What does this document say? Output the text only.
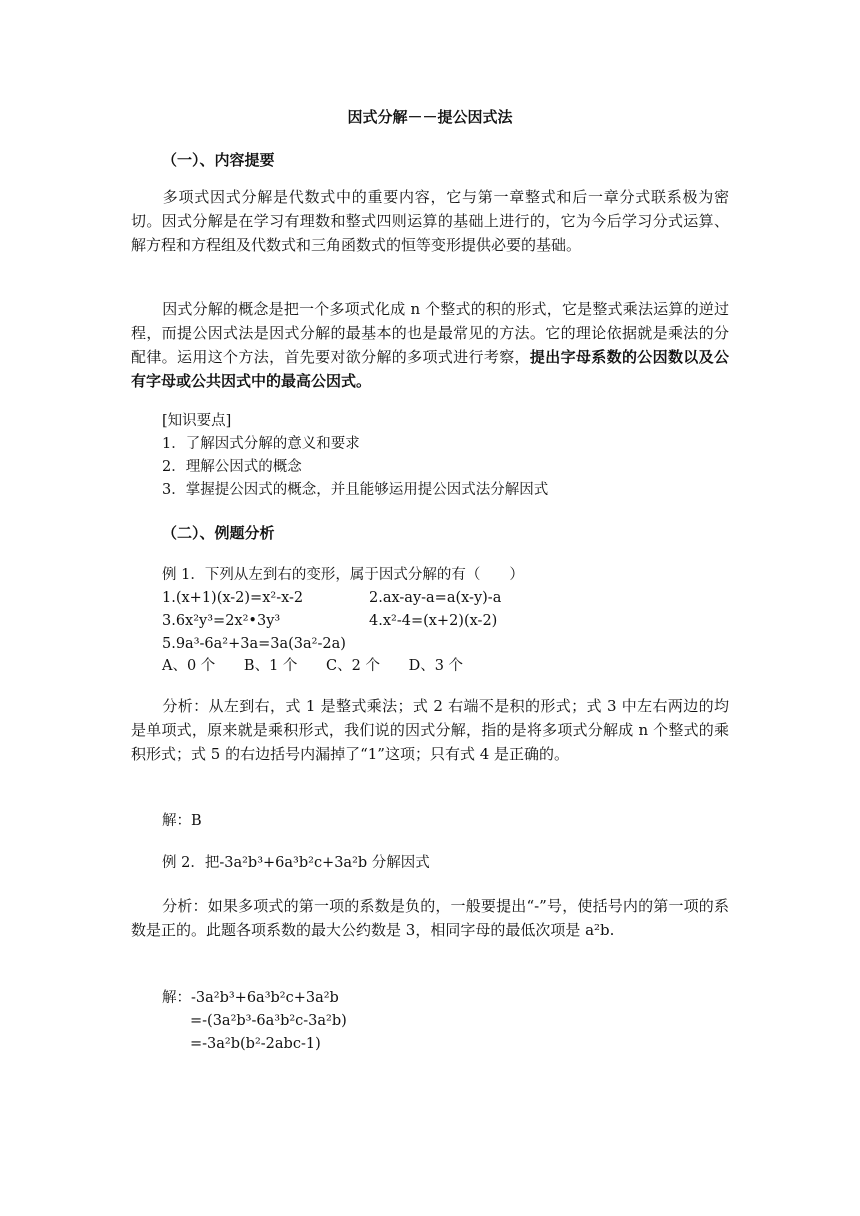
因式分解－－提公因式法
（一）、内容提要
多项式因式分解是代数式中的重要内容，它与第一章整式和后一章分式联系极为密切。因式分解是在学习有理数和整式四则运算的基础上进行的，它为今后学习分式运算、解方程和方程组及代数式和三角函数式的恒等变形提供必要的基础。
因式分解的概念是把一个多项式化成 n 个整式的积的形式，它是整式乘法运算的逆过程，而提公因式法是因式分解的最基本的也是最常见的方法。它的理论依据就是乘法的分配律。运用这个方法，首先要对欲分解的多项式进行考察，提出字母系数的公因数以及公有字母或公共因式中的最高公因式。
[知识要点]
1．了解因式分解的意义和要求
2．理解公因式的概念
3．掌握提公因式的概念，并且能够运用提公因式法分解因式
（二）、例题分析
例 1．下列从左到右的变形，属于因式分解的有（　　）
1.(x+1)(x-2)=x²-x-2	2.ax-ay-a=a(x-y)-a
3.6x²y³=2x²•3y³	4.x²-4=(x+2)(x-2)
5.9a³-6a²+3a=3a(3a²-2a)
A、0 个 B、1 个 C、2 个 D、3 个
分析：从左到右，式 1 是整式乘法；式 2 右端不是积的形式；式 3 中左右两边的均是单项式，原来就是乘积形式，我们说的因式分解，指的是将多项式分解成 n 个整式的乘积形式；式 5 的右边括号内漏掉了“1”这项；只有式 4 是正确的。
解：B
例 2．把-3a²b³+6a³b²c+3a²b 分解因式
分析：如果多项式的第一项的系数是负的，一般要提出“-”号，使括号内的第一项的系数是正的。此题各项系数的最大公约数是 3，相同字母的最低次项是 a²b.
解：-3a²b³+6a³b²c+3a²b
=-(3a²b³-6a³b²c-3a²b)
=-3a²b(b²-2abc-1)
